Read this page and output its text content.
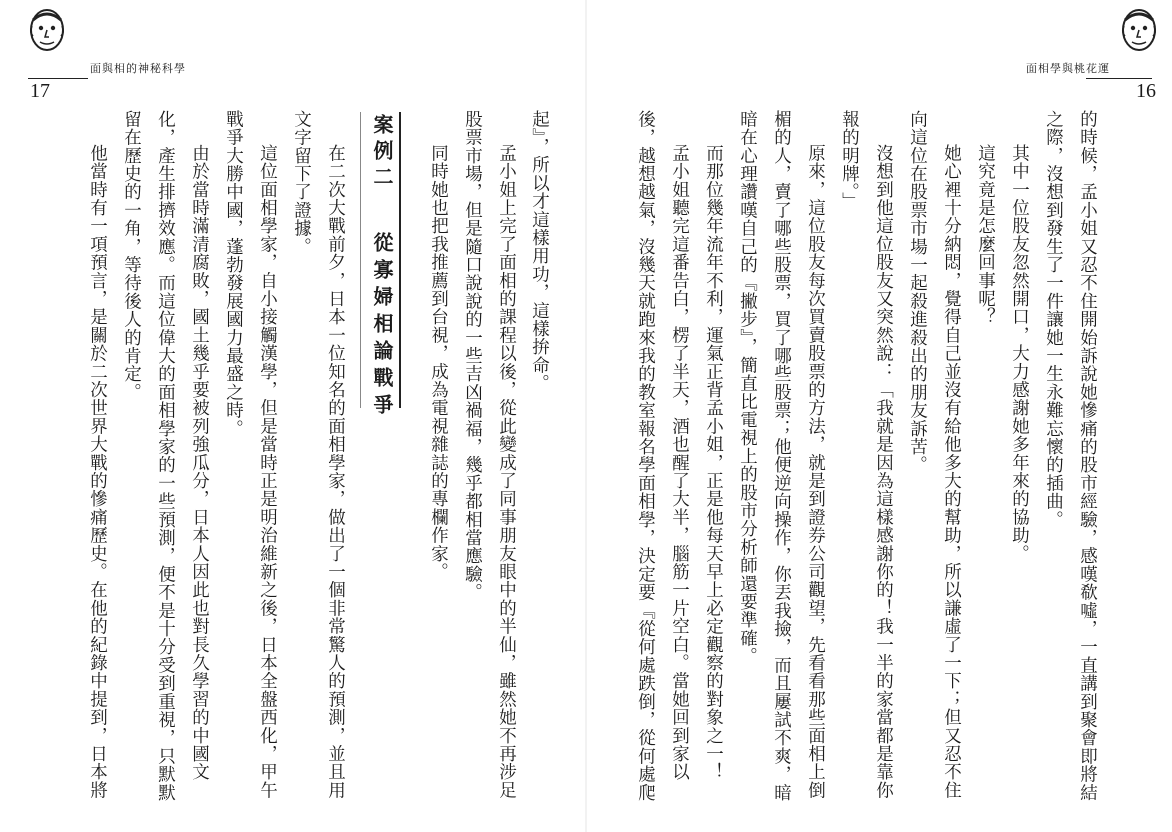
面與相的神秘科學
17
起』，所以才這樣用功，這樣拚命。
孟小姐上完了面相的課程以後，從此變成了同事朋友眼中的半仙，雖然她不再涉足
股票市場，但是隨口說說的一些吉凶禍福，幾乎都相當應驗。
同時她也把我推薦到台視，成為電視雜誌的專欄作家。
案例二
從寡婦相論戰爭
在二次大戰前夕，日本一位知名的面相學家，做出了一個非常驚人的預測，並且用
文字留下了證據。
這位面相學家，自小接觸漢學，但是當時正是明治維新之後，日本全盤西化，甲午
戰爭大勝中國，蓬勃發展國力最盛之時。
由於當時滿清腐敗，國土幾乎要被列強瓜分，日本人因此也對長久學習的中國文
化，產生排擠效應。而這位偉大的面相學家的一些預測，便不是十分受到重視，只默默
留在歷史的一角，等待後人的肯定。
他當時有一項預言，是關於二次世界大戰的慘痛歷史。在他的紀錄中提到，日本將
面相學與桃花運
16
的時候，孟小姐又忍不住開始訴說她慘痛的股市經驗，感嘆欷噓，一直講到聚會即將結
之際，沒想到發生了一件讓她一生永難忘懷的插曲。
其中一位股友忽然開口，大力感謝她多年來的協助。
這究竟是怎麼回事呢？
她心裡十分納悶，覺得自己並沒有給他多大的幫助，所以謙虛了一下；但又忍不住
向這位在股票市場一起殺進殺出的朋友訴苦。
沒想到他這位股友又突然說：「我就是因為這樣感謝你的！我一半的家當都是靠你
報的明牌。」
原來，這位股友每次買賣股票的方法，就是到證券公司觀望，先看看那些面相上倒
楣的人，賣了哪些股票，買了哪些股票；他便逆向操作，你丟我撿，而且屢試不爽，暗
暗在心理讚嘆自己的『撇步』，簡直比電視上的股市分析師還要準確。
而那位幾年流年不利，運氣正背孟小姐，正是他每天早上必定觀察的對象之一！
孟小姐聽完這番告白，楞了半天，酒也醒了大半，腦筋一片空白。當她回到家以
後，越想越氣，沒幾天就跑來我的教室報名學面相學，決定要『從何處跌倒，從何處爬
